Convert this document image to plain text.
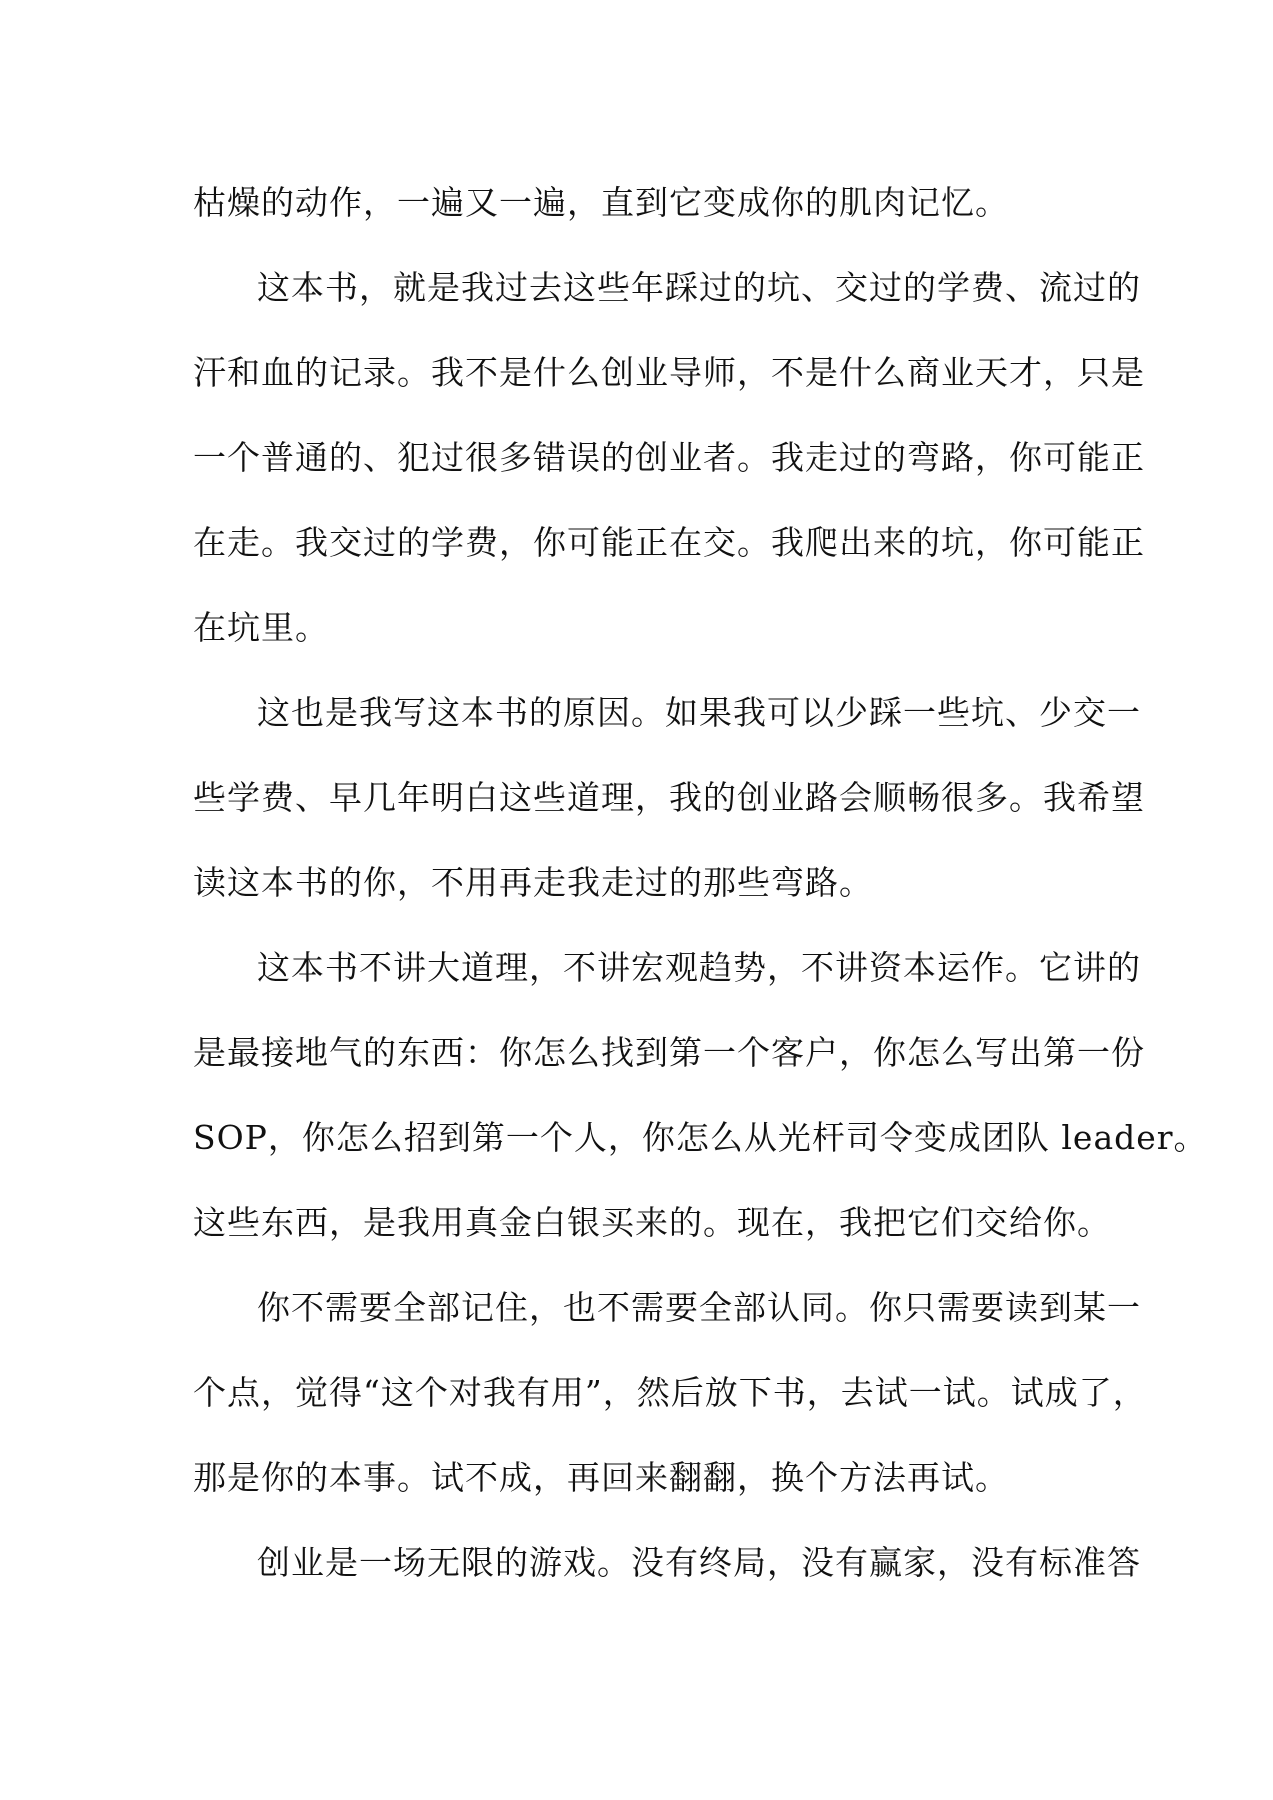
枯燥的动作，一遍又一遍，直到它变成你的肌肉记忆。
这本书，就是我过去这些年踩过的坑、交过的学费、流过的
汗和血的记录。我不是什么创业导师，不是什么商业天才，只是
一个普通的、犯过很多错误的创业者。我走过的弯路，你可能正
在走。我交过的学费，你可能正在交。我爬出来的坑，你可能正
在坑里。
这也是我写这本书的原因。如果我可以少踩一些坑、少交一
些学费、早几年明白这些道理，我的创业路会顺畅很多。我希望
读这本书的你，不用再走我走过的那些弯路。
这本书不讲大道理，不讲宏观趋势，不讲资本运作。它讲的
是最接地气的东西：你怎么找到第一个客户，你怎么写出第一份
SOP，你怎么招到第一个人，你怎么从光杆司令变成团队 leader。
这些东西，是我用真金白银买来的。现在，我把它们交给你。
你不需要全部记住，也不需要全部认同。你只需要读到某一
个点，觉得“这个对我有用”，然后放下书，去试一试。试成了，
那是你的本事。试不成，再回来翻翻，换个方法再试。
创业是一场无限的游戏。没有终局，没有赢家，没有标准答
